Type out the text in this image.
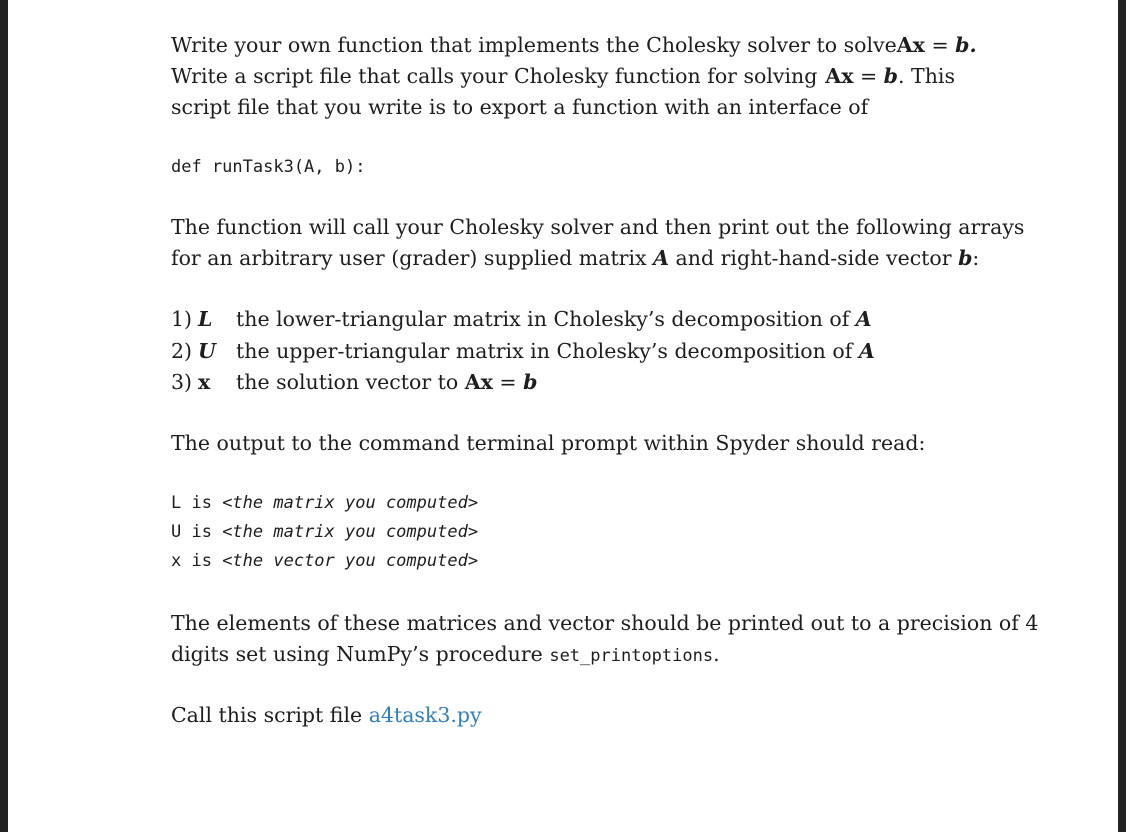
Write your own function that implements the Cholesky solver to solve Ax = b.
Write a script file that calls your Cholesky function for solving Ax = b. This
script file that you write is to export a function with an interface of
def runTask3(A, b):
The function will call your Cholesky solver and then print out the following arrays
for an arbitrary user (grader) supplied matrix A and right-hand-side vector b:
1) L the lower-triangular matrix in Cholesky’s decomposition of A
2) U the upper-triangular matrix in Cholesky’s decomposition of A
3) x the solution vector to Ax = b
The output to the command terminal prompt within Spyder should read:
L is <the matrix you computed>
U is <the matrix you computed>
x is <the vector you computed>
The elements of these matrices and vector should be printed out to a precision of 4
digits set using NumPy’s procedure set_printoptions.
Call this script file a4task3.py
